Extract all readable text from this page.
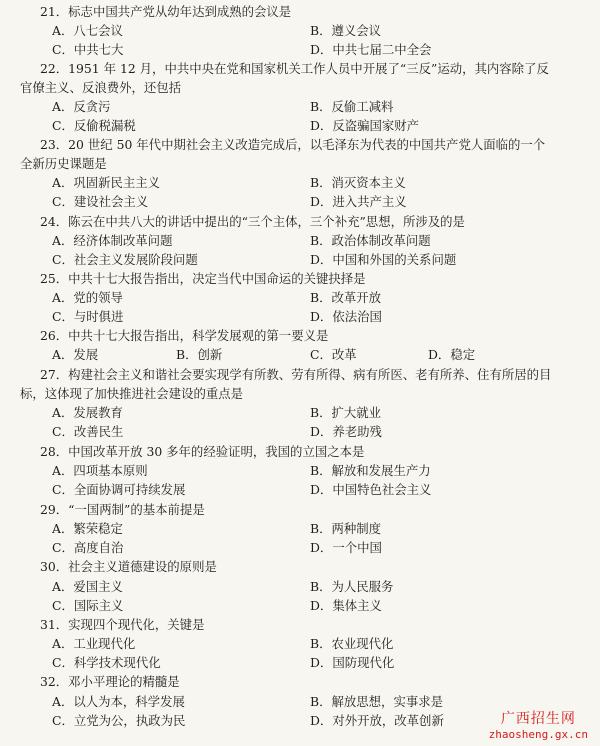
21．标志中国共产党从幼年达到成熟的会议是
A．八七会议	B．遵义会议
C．中共七大	D．中共七届二中全会
22．1951 年 12 月，中共中央在党和国家机关工作人员中开展了“三反”运动，其内容除了反
官僚主义、反浪费外，还包括
A．反贪污	B．反偷工减料
C．反偷税漏税	D．反盗骗国家财产
23．20 世纪 50 年代中期社会主义改造完成后，以毛泽东为代表的中国共产党人面临的一个
全新历史课题是
A．巩固新民主主义	B．消灭资本主义
C．建设社会主义	D．进入共产主义
24．陈云在中共八大的讲话中提出的“三个主体，三个补充”思想，所涉及的是
A．经济体制改革问题	B．政治体制改革问题
C．社会主义发展阶段问题	D．中国和外国的关系问题
25．中共十七大报告指出，决定当代中国命运的关键抉择是
A．党的领导	B．改革开放
C．与时俱进	D．依法治国
26．中共十七大报告指出，科学发展观的第一要义是
A．发展	B．创新	C．改革	D．稳定
27．构建社会主义和谐社会要实现学有所教、劳有所得、病有所医、老有所养、住有所居的目
标，这体现了加快推进社会建设的重点是
A．发展教育	B．扩大就业
C．改善民生	D．养老助残
28．中国改革开放 30 多年的经验证明，我国的立国之本是
A．四项基本原则	B．解放和发展生产力
C．全面协调可持续发展	D．中国特色社会主义
29．“一国两制”的基本前提是
A．繁荣稳定	B．两种制度
C．高度自治	D．一个中国
30．社会主义道德建设的原则是
A．爱国主义	B．为人民服务
C．国际主义	D．集体主义
31．实现四个现代化，关键是
A．工业现代化	B．农业现代化
C．科学技术现代化	D．国防现代化
32．邓小平理论的精髓是
A．以人为本，科学发展	B．解放思想，实事求是
C．立党为公，执政为民	D．对外开放，改革创新	广西招生网
zhaosheng.gx.cn
